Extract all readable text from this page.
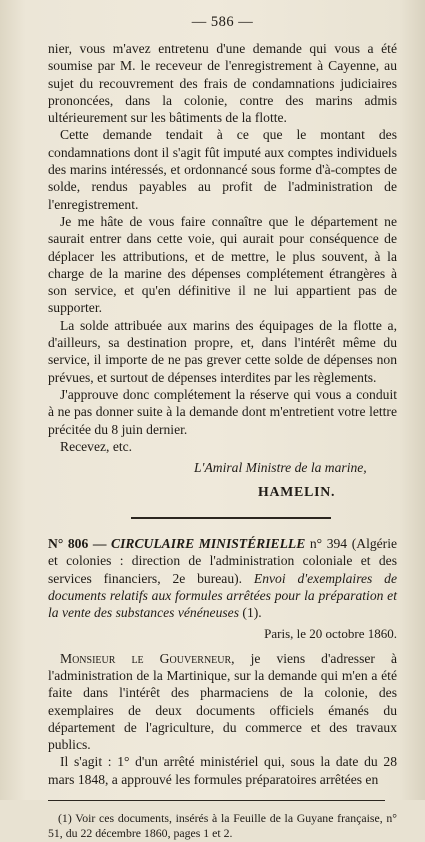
— 586 —

nier, vous m'avez entretenu d'une demande qui vous a été soumise par M. le receveur de l'enregistrement à Cayenne, au sujet du recouvrement des frais de condamnations judiciaires prononcées, dans la colonie, contre des marins admis ultérieurement sur les bâtiments de la flotte.

Cette demande tendait à ce que le montant des condamnations dont il s'agit fût imputé aux comptes individuels des marins intéressés, et ordonnancé sous forme d'à-comptes de solde, rendus payables au profit de l'administration de l'enregistrement.

Je me hâte de vous faire connaître que le département ne saurait entrer dans cette voie, qui aurait pour conséquence de déplacer les attributions, et de mettre, le plus souvent, à la charge de la marine des dépenses complétement étrangères à son service, et qu'en définitive il ne lui appartient pas de supporter.

La solde attribuée aux marins des équipages de la flotte a, d'ailleurs, sa destination propre, et, dans l'intérêt même du service, il importe de ne pas grever cette solde de dépenses non prévues, et surtout de dépenses interdites par les règlements.

J'approuve donc complétement la réserve qui vous a conduit à ne pas donner suite à la demande dont m'entretient votre lettre précitée du 8 juin dernier.

Recevez, etc.

L'Amiral Ministre de la marine,
HAMELIN.

N° 806 — CIRCULAIRE MINISTÉRIELLE n° 394 (Algérie et colonies : direction de l'administration coloniale et des services financiers, 2e bureau). Envoi d'exemplaires de documents relatifs aux formules arrêtées pour la préparation et la vente des substances vénéneuses (1).

Paris, le 20 octobre 1860.

Monsieur le Gouverneur, je viens d'adresser à l'administration de la Martinique, sur la demande qui m'en a été faite dans l'intérêt des pharmaciens de la colonie, des exemplaires de deux documents officiels émanés du département de l'agriculture, du commerce et des travaux publics.

Il s'agit : 1° d'un arrêté ministériel qui, sous la date du 28 mars 1848, a approuvé les formules préparatoires arrêtées en

(1) Voir ces documents, insérés à la Feuille de la Guyane française, n° 51, du 22 décembre 1860, pages 1 et 2.
